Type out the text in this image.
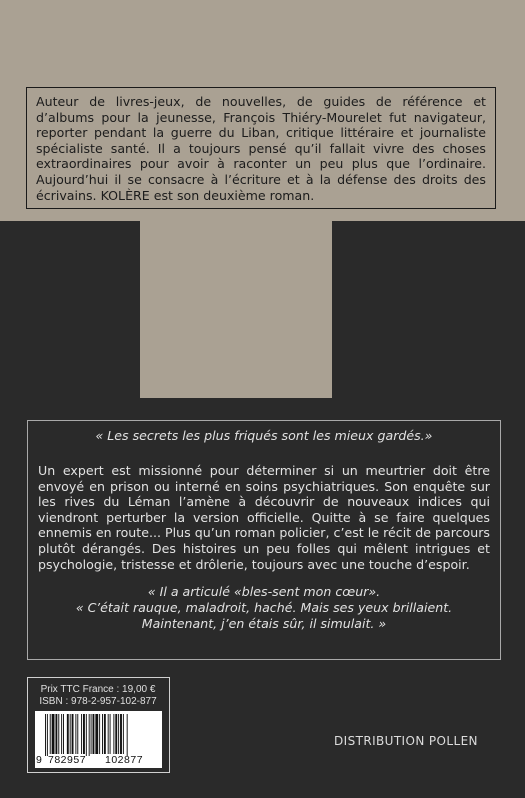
Auteur de livres-jeux, de nouvelles, de guides de référence et d’albums pour la jeunesse, François Thiéry-Mourelet fut navigateur, reporter pendant la guerre du Liban, critique littéraire et journaliste spécialiste santé. Il a toujours pensé qu’il fallait vivre des choses extraordinaires pour avoir à raconter un peu plus que l’ordinaire. Aujourd’hui il se consacre à l’écriture et à la défense des droits des écrivains. KOLÈRE est son deuxième roman.

« Les secrets les plus friqués sont les mieux gardés.»

Un expert est missionné pour déterminer si un meurtrier doit être envoyé en prison ou interné en soins psychiatriques. Son enquête sur les rives du Léman l’amène à découvrir de nouveaux indices qui viendront perturber la version officielle. Quitte à se faire quelques ennemis en route... Plus qu’un roman policier, c’est le récit de parcours plutôt dérangés. Des histoires un peu folles qui mêlent intrigues et psychologie, tristesse et drôlerie, toujours avec une touche d’espoir.

« Il a articulé «bles-sent mon cœur».
« C’était rauque, maladroit, haché. Mais ses yeux brillaient.
Maintenant, j’en étais sûr, il simulait. »
Prix TTC France : 19,00 €
ISBN : 978-2-957-102-877
9 782957 102877
DISTRIBUTION POLLEN
